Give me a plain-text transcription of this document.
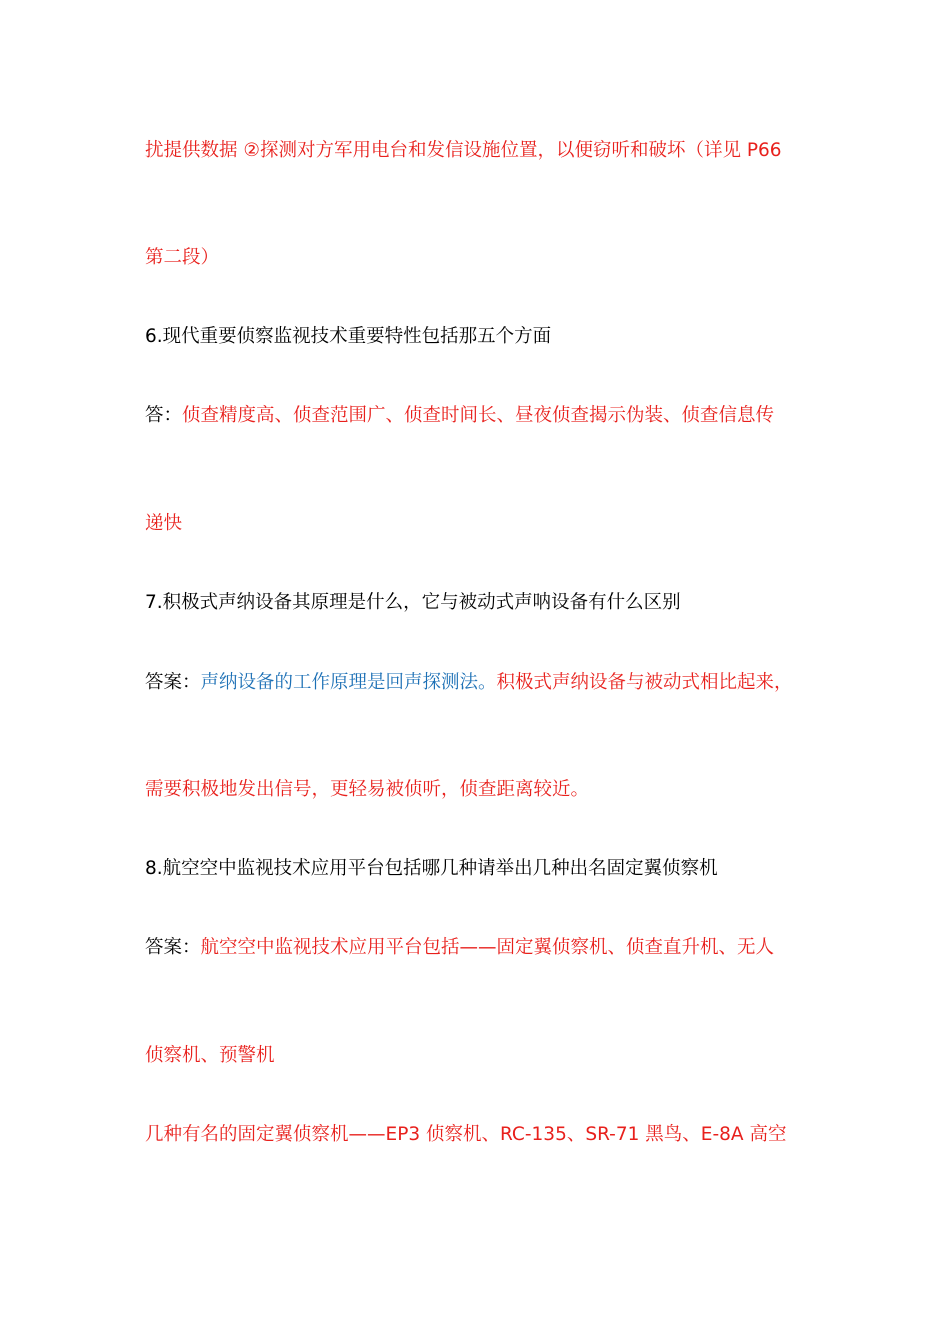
扰提供数据 ②探测对方军用电台和发信设施位置，以便窃听和破坏（详见 P66
第二段）
6.现代重要侦察监视技术重要特性包括那五个方面
答：侦查精度高、侦查范围广、侦查时间长、昼夜侦查揭示伪装、侦查信息传
递快
7.积极式声纳设备其原理是什么，它与被动式声呐设备有什么区别
答案：声纳设备的工作原理是回声探测法。积极式声纳设备与被动式相比起来，
需要积极地发出信号，更轻易被侦听，侦查距离较近。
8.航空空中监视技术应用平台包括哪几种请举出几种出名固定翼侦察机
答案：航空空中监视技术应用平台包括——固定翼侦察机、侦查直升机、无人
侦察机、预警机
几种有名的固定翼侦察机——EP3 侦察机、RC-135、SR-71 黑鸟、E-8A 高空
